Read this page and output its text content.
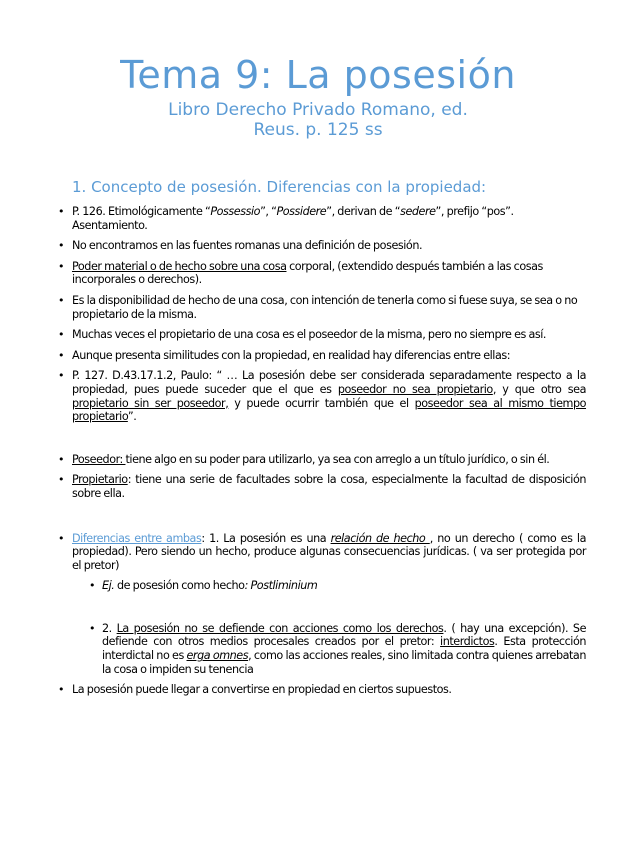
Tema 9: La posesión
Libro Derecho Privado Romano, ed.
Reus. p. 125 ss
1. Concepto de posesión. Diferencias con la propiedad:
• P. 126. Etimológicamente “Possessio”, “Possidere”, derivan de “sedere”, prefijo “pos”. Asentamiento.
• No encontramos en las fuentes romanas una definición de posesión.
• Poder material o de hecho sobre una cosa corporal, (extendido después también a las cosas incorporales o derechos).
• Es la disponibilidad de hecho de una cosa, con intención de tenerla como si fuese suya, se sea o no propietario de la misma.
• Muchas veces el propietario de una cosa es el poseedor de la misma, pero no siempre es así.
• Aunque presenta similitudes con la propiedad, en realidad hay diferencias entre ellas:
• P. 127. D.43.17.1.2, Paulo: “ … La posesión debe ser considerada separadamente respecto a la propiedad, pues puede suceder que el que es poseedor no sea propietario, y que otro sea propietario sin ser poseedor, y puede ocurrir también que el poseedor sea al mismo tiempo propietario”.
• Poseedor: tiene algo en su poder para utilizarlo, ya sea con arreglo a un título jurídico, o sin él.
• Propietario: tiene una serie de facultades sobre la cosa, especialmente la facultad de disposición sobre ella.
• Diferencias entre ambas: 1. La posesión es una relación de hecho , no un derecho ( como es la propiedad). Pero siendo un hecho, produce algunas consecuencias jurídicas. ( va ser protegida por el pretor)
• Ej. de posesión como hecho: Postliminium
• 2. La posesión no se defiende con acciones como los derechos. ( hay una excepción). Se defiende con otros medios procesales creados por el pretor: interdictos. Esta protección interdictal no es erga omnes, como las acciones reales, sino limitada contra quienes arrebatan la cosa o impiden su tenencia
• La posesión puede llegar a convertirse en propiedad en ciertos supuestos.
